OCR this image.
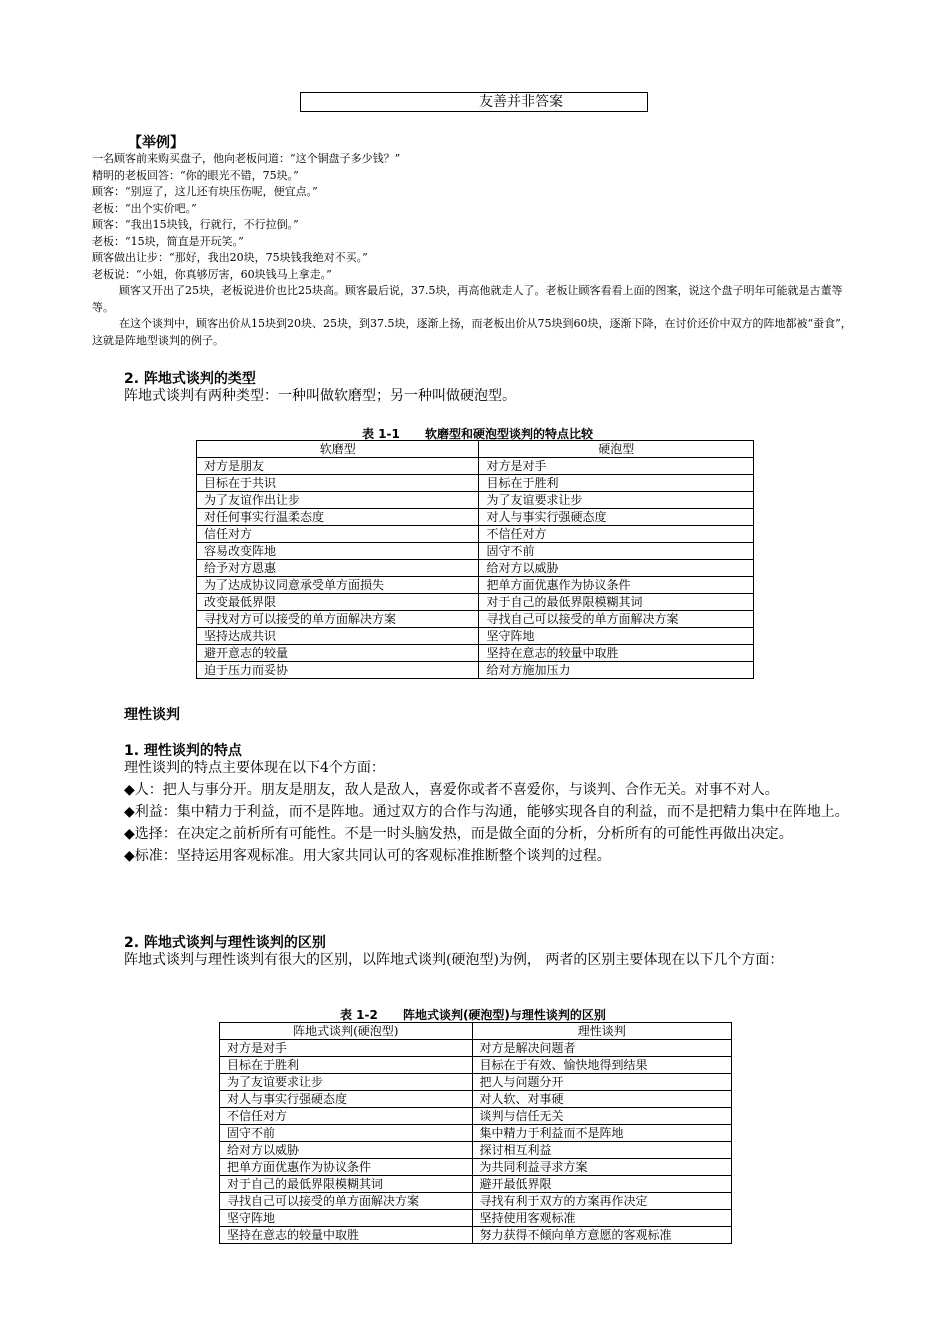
友善并非答案
【举例】

一名顾客前来购买盘子，他向老板问道：“这个铜盘子多少钱？”

精明的老板回答：“你的眼光不错，75块。”

顾客：“别逗了，这儿还有块压伤呢，便宜点。”

老板：“出个实价吧。”

顾客：“我出15块钱，行就行，不行拉倒。”

老板：“15块，简直是开玩笑。”

顾客做出让步：“那好，我出20块，75块钱我绝对不买。”

老板说：“小姐，你真够厉害，60块钱马上拿走。”

顾客又开出了25块，老板说进价也比25块高。顾客最后说，37.5块，再高他就走人了。老板让顾客看看上面的图案，说这个盘子明年可能就是古董等等。

在这个谈判中，顾客出价从15块到20块、25块，到37.5块，逐渐上扬，而老板出价从75块到60块，逐渐下降，在讨价还价中双方的阵地都被“蚕食”，这就是阵地型谈判的例子。

2. 阵地式谈判的类型

阵地式谈判有两种类型：一种叫做软磨型；另一种叫做硬泡型。

表 1-1 软磨型和硬泡型谈判的特点比较
软磨型	硬泡型
对方是朋友	对方是对手
目标在于共识	目标在于胜利
为了友谊作出让步	为了友谊要求让步
对任何事实行温柔态度	对人与事实行强硬态度
信任对方	不信任对方
容易改变阵地	固守不前
给予对方恩惠	给对方以威胁
为了达成协议同意承受单方面损失	把单方面优惠作为协议条件
改变最低界限	对于自己的最低界限模糊其词
寻找对方可以接受的单方面解决方案	寻找自己可以接受的单方面解决方案
坚持达成共识	坚守阵地
避开意志的较量	坚持在意志的较量中取胜
迫于压力而妥协	给对方施加压力
理性谈判
1. 理性谈判的特点

理性谈判的特点主要体现在以下4个方面：

◆人：把人与事分开。朋友是朋友，敌人是敌人，喜爱你或者不喜爱你，与谈判、合作无关。对事不对人。

◆利益：集中精力于利益，而不是阵地。通过双方的合作与沟通，能够实现各自的利益，而不是把精力集中在阵地上。

◆选择：在决定之前析所有可能性。不是一时头脑发热，而是做全面的分析，分析所有的可能性再做出决定。

◆标准：坚持运用客观标准。用大家共同认可的客观标准推断整个谈判的过程。

2. 阵地式谈判与理性谈判的区别

阵地式谈判与理性谈判有很大的区别，以阵地式谈判(硬泡型)为例， 两者的区别主要体现在以下几个方面：

表 1-2 阵地式谈判(硬泡型)与理性谈判的区别
阵地式谈判(硬泡型)	理性谈判
对方是对手	对方是解决问题者
目标在于胜利	目标在于有效、愉快地得到结果
为了友谊要求让步	把人与问题分开
对人与事实行强硬态度	对人软、对事硬
不信任对方	谈判与信任无关
固守不前	集中精力于利益而不是阵地
给对方以威胁	探讨相互利益
把单方面优惠作为协议条件	为共同利益寻求方案
对于自己的最低界限模糊其词	避开最低界限
寻找自己可以接受的单方面解决方案	寻找有利于双方的方案再作决定
坚守阵地	坚持使用客观标准
坚持在意志的较量中取胜	努力获得不倾向单方意愿的客观标准
